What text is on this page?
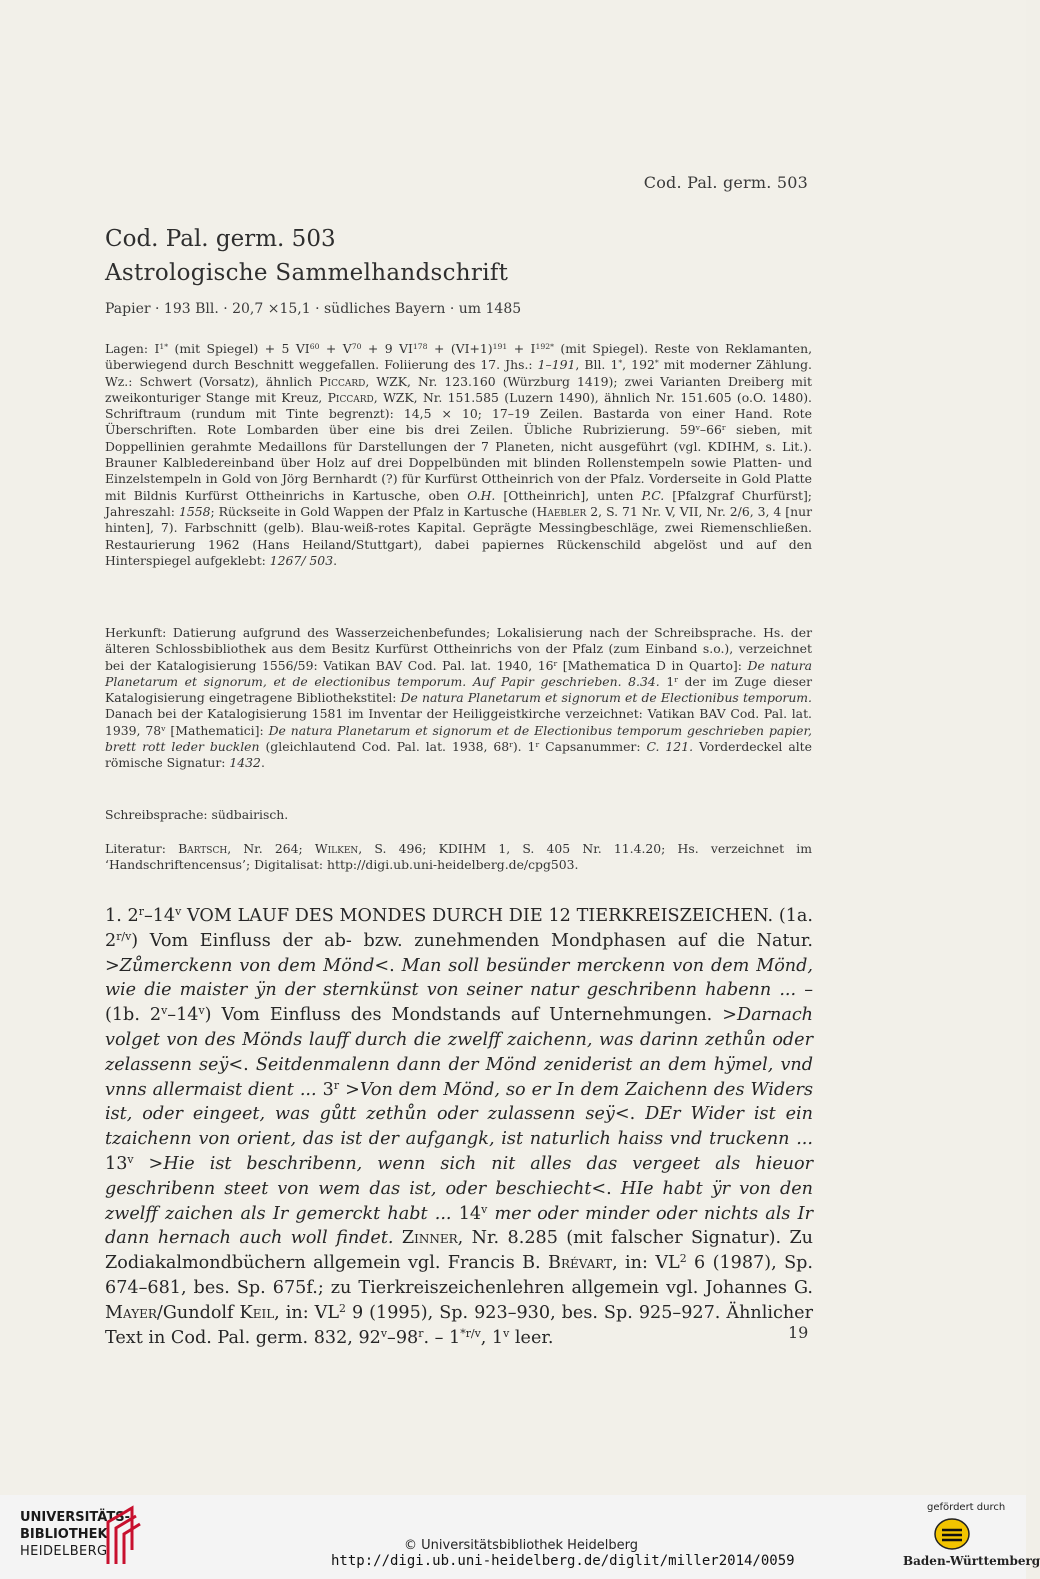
Cod. Pal. germ. 503
Cod. Pal. germ. 503
Astrologische Sammelhandschrift
Papier · 193 Bll. · 20,7 ×15,1 · südliches Bayern · um 1485
Lagen: $I^{1*}$ (mit Spiegel) + 5 $VI^{60} + V^{70} + 9$ $VI^{178} + (VI+1)^{191} + I^{192*}$ (mit Spiegel). Reste von Reklamanten, überwiegend durch Beschnitt weggefallen. Foliierung des 17. Jhs.: 1–191, Bll. 1*, 192* mit moderner Zählung. Wz.: Schwert (Vorsatz), ähnlich Piccard, WZK, Nr. 123.160 (Würzburg 1419); zwei Varianten Dreiberg mit zweikonturiger Stange mit Kreuz, Piccard, WZK, Nr. 151.585 (Luzern 1490), ähnlich Nr. 151.605 (o.O. 1480). Schriftraum (rundum mit Tinte begrenzt): 14,5 × 10; 17–19 Zeilen. Bastarda von einer Hand. Rote Überschriften. Rote Lombarden über eine bis drei Zeilen. Übliche Rubrizierung. 59$^v$–66$^r$ sieben, mit Doppellinien gerahmte Medaillons für Darstellungen der 7 Planeten, nicht ausgeführt (vgl. KDIHM, s. Lit.). Brauner Kalbledereinband über Holz auf drei Doppelbünden mit blinden Rollenstempeln sowie Platten- und Einzelstempeln in Gold von Jörg Bernhardt (?) für Kurfürst Ottheinrich von der Pfalz. Vorderseite in Gold Platte mit Bildnis Kurfürst Ottheinrichs in Kartusche, oben O.H. [Ottheinrich], unten P.C. [Pfalzgraf Churfürst]; Jahreszahl: 1558; Rückseite in Gold Wappen der Pfalz in Kartusche (Haebler 2, S. 71 Nr. V, VII, Nr. 2/6, 3, 4 [nur hinten], 7). Farbschnitt (gelb). Blau-weiß-rotes Kapital. Geprägte Messingbeschläge, zwei Riemenschließen. Restaurierung 1962 (Hans Heiland/Stuttgart), dabei papiernes Rückenschild abgelöst und auf den Hinterspiegel aufgeklebt: 1267/ 503.
Herkunft: Datierung aufgrund des Wasserzeichenbefundes; Lokalisierung nach der Schreibsprache. Hs. der älteren Schlossbibliothek aus dem Besitz Kurfürst Ottheinrichs von der Pfalz (zum Einband s.o.), verzeichnet bei der Katalogisierung 1556/59: Vatikan BAV Cod. Pal. lat. 1940, 16$^r$ [Mathematica D in Quarto]: De natura Planetarum et signorum, et de electionibus temporum. Auf Papir geschrieben. 8.34. 1$^r$ der im Zuge dieser Katalogisierung eingetragene Bibliothekstitel: De natura Planetarum et signorum et de Electionibus temporum. Danach bei der Katalogisierung 1581 im Inventar der Heiliggeistkirche verzeichnet: Vatikan BAV Cod. Pal. lat. 1939, 78$^v$ [Mathematici]: De natura Planetarum et signorum et de Electionibus temporum geschrieben papier, brett rott leder bucklen (gleichlautend Cod. Pal. lat. 1938, 68$^r$). 1$^r$ Capsanummer: C. 121. Vorderdeckel alte römische Signatur: 1432.
Schreibsprache: südbairisch.
Literatur: Bartsch, Nr. 264; Wilken, S. 496; KDIHM 1, S. 405 Nr. 11.4.20; Hs. verzeichnet im ‘Handschriftencensus’; Digitalisat: http://digi.ub.uni-heidelberg.de/cpg503.
1. 2$^r$–14$^v$ VOM LAUF DES MONDES DURCH DIE 12 TIERKREISZEICHEN. (1a. $2^{r/v}$) Vom Einfluss der ab- bzw. zunehmenden Mondphasen auf die Natur. >Zůmerckenn von dem Mönd<. Man soll besünder merckenn von dem Mönd, wie die maister ÿn der sternkünst von seiner natur geschribenn habenn ... – (1b. 2$^v$–14$^v$) Vom Einfluss des Mondstands auf Unternehmungen. >Darnach volget von des Mönds lauff durch die zwelff zaichenn, was darinn zethůn oder zelassenn seÿ<. Seitdenmalenn dann der Mönd zeniderist an dem hÿmel, vnd vnns allermaist dient ... $3^r >Von$ dem Mönd, so er In dem Zaichenn des Widers ist, oder eingeet, was gůtt zethůn oder zulassenn seÿ<. DEr Wider ist ein tzaichenn von orient, das ist der aufgangk, ist naturlich haiss vnd truckenn ... $13^v >Hie$ ist beschribenn, wenn sich nit alles das vergeet als hieuor geschribenn steet von wem das ist, oder beschiecht<. HIe habt ÿr von den zwelff zaichen als Ir gemerckt habt ... 14$^v$ mer oder minder oder nichts als Ir dann hernach auch woll findet. Zinner, Nr. 8.285 (mit falscher Signatur). Zu Zodiakalmondbüchern allgemein vgl. Francis B. Brévart, in: $VL^2$ 6 (1987), Sp. 674–681, bes. Sp. 675f.; zu Tierkreiszeichenlehren allgemein vgl. Johannes G. Mayer/Gundolf Keil, in: $VL^2$ 9 (1995), Sp. 923–930, bes. Sp. 925–927. Ähnlicher Text in Cod. Pal. germ. 832, 92$^v$–98$^r$. – $1^{*r/v}$, 1$^v$ leer.	19
UNIVERSITÄTS-
BIBLIOTHEK
HEIDELBERG	© Universitätsbibliothek Heidelberg
http://digi.ub.uni-heidelberg.de/diglit/miller2014/0059
gefördert durch
Baden-Württemberg
